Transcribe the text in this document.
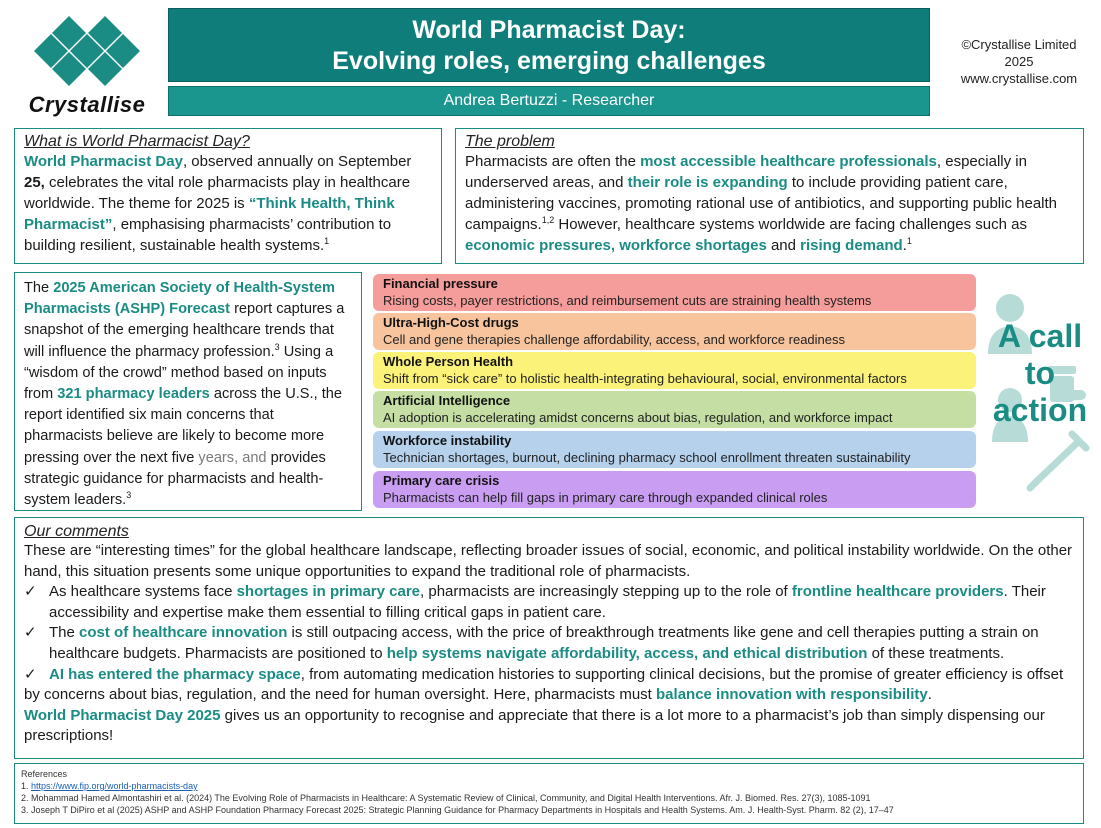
Crystallise
World Pharmacist Day:
Evolving roles, emerging challenges
Andrea Bertuzzi - Researcher
©Crystallise Limited
2025
www.crystallise.com
What is World Pharmacist Day?
World Pharmacist Day, observed annually on September 25, celebrates the vital role pharmacists play in healthcare worldwide. The theme for 2025 is “Think Health, Think Pharmacist”, emphasising pharmacists’ contribution to building resilient, sustainable health systems.$^1$
The problem
Pharmacists are often the most accessible healthcare professionals, especially in underserved areas, and their role is expanding to include providing patient care, administering vaccines, promoting rational use of antibiotics, and supporting public health campaigns.$^{1,2}$ However, healthcare systems worldwide are facing challenges such as economic pressures, workforce shortages and rising demand.$^1$
The 2025 American Society of Health-System Pharmacists (ASHP) Forecast report captures a snapshot of the emerging healthcare trends that will influence the pharmacy profession.$^3$ Using a “wisdom of the crowd” method based on inputs from 321 pharmacy leaders across the U.S., the report identified six main concerns that pharmacists believe are likely to become more pressing over the next five years, and provides strategic guidance for pharmacists and health-system leaders.$^3$
Financial pressure
Rising costs, payer restrictions, and reimbursement cuts are straining health systems
Ultra-High-Cost drugs
Cell and gene therapies challenge affordability, access, and workforce readiness
Whole Person Health
Shift from “sick care” to holistic health-integrating behavioural, social, environmental factors
Artificial Intelligence
AI adoption is accelerating amidst concerns about bias, regulation, and workforce impact
Workforce instability
Technician shortages, burnout, declining pharmacy school enrollment threaten sustainability
Primary care crisis
Pharmacists can help fill gaps in primary care through expanded clinical roles
A call
to
action
Our comments
These are “interesting times” for the global healthcare landscape, reflecting broader issues of social, economic, and political instability worldwide. On the other hand, this situation presents some unique opportunities to expand the traditional role of pharmacists.
✓ As healthcare systems face shortages in primary care, pharmacists are increasingly stepping up to the role of frontline healthcare providers. Their accessibility and expertise make them essential to filling critical gaps in patient care.
✓ The cost of healthcare innovation is still outpacing access, with the price of breakthrough treatments like gene and cell therapies putting a strain on healthcare budgets. Pharmacists are positioned to help systems navigate affordability, access, and ethical distribution of these treatments.
✓ AI has entered the pharmacy space, from automating medication histories to supporting clinical decisions, but the promise of greater efficiency is offset by concerns about bias, regulation, and the need for human oversight. Here, pharmacists must balance innovation with responsibility.
World Pharmacist Day 2025 gives us an opportunity to recognise and appreciate that there is a lot more to a pharmacist’s job than simply dispensing our prescriptions!
References
1. https://www.fip.org/world-pharmacists-day
2. Mohammad Hamed Almontashiri et al. (2024) The Evolving Role of Pharmacists in Healthcare: A Systematic Review of Clinical, Community, and Digital Health Interventions. Afr. J. Biomed. Res. 27(3), 1085-1091
3. Joseph T DiPiro et al (2025) ASHP and ASHP Foundation Pharmacy Forecast 2025: Strategic Planning Guidance for Pharmacy Departments in Hospitals and Health Systems. Am. J. Health-Syst. Pharm. 82 (2), 17–47
